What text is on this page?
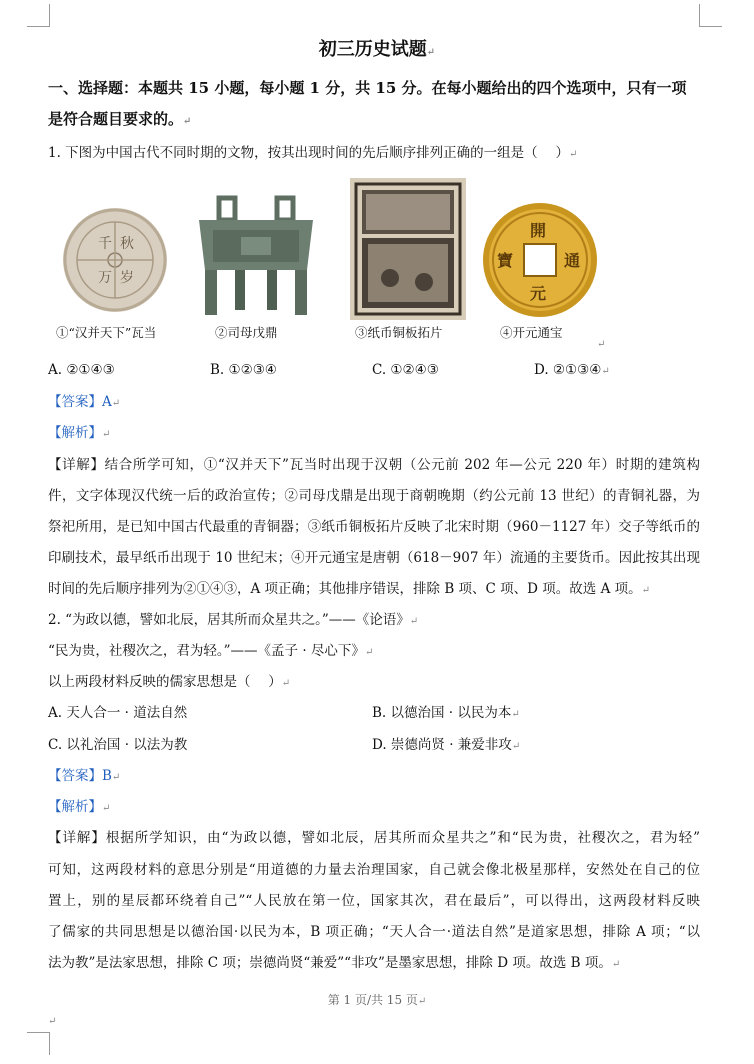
初三历史试题↵
一、选择题：本题共 15 小题，每小题 1 分，共 15 分。在每小题给出的四个选项中，只有一项
是符合题目要求的。↵
1. 下图为中国古代不同时期的文物，按其出现时间的先后顺序排列正确的一组是（　 ）↵
千 秋
万 岁
開
通
元
寶
①“汉并天下”瓦当	②司母戊鼎	③纸币铜板拓片	④开元通宝
↵
A. ②①④③	B. ①②③④	C. ①②④③	D. ②①③④↵
【答案】A↵
【解析】↵
【详解】结合所学可知，①“汉并天下”瓦当时出现于汉朝（公元前 202 年—公元 220 年）时期的建筑构
件，文字体现汉代统一后的政治宣传；②司母戊鼎是出现于商朝晚期（约公元前 13 世纪）的青铜礼器，为
祭祀所用，是已知中国古代最重的青铜器；③纸币铜板拓片反映了北宋时期（960－1127 年）交子等纸币的
印刷技术，最早纸币出现于 10 世纪末；④开元通宝是唐朝（618－907 年）流通的主要货币。因此按其出现
时间的先后顺序排列为②①④③，A 项正确；其他排序错误，排除 B 项、C 项、D 项。故选 A 项。↵
2. “为政以德，譬如北辰，居其所而众星共之。”——《论语》↵
“民为贵，社稷次之，君为轻。”——《孟子 · 尽心下》↵
以上两段材料反映的儒家思想是（　 ）↵
A. 天人合一 · 道法自然	B. 以德治国 · 以民为本↵
C. 以礼治国 · 以法为教	D. 崇德尚贤 · 兼爱非攻↵
【答案】B↵
【解析】↵
【详解】根据所学知识，由“为政以德，譬如北辰，居其所而众星共之”和“民为贵，社稷次之，君为轻”
可知，这两段材料的意思分别是“用道德的力量去治理国家，自己就会像北极星那样，安然处在自己的位
置上，别的星辰都环绕着自己”“人民放在第一位，国家其次，君在最后”，可以得出，这两段材料反映
了儒家的共同思想是以德治国·以民为本，B 项正确；“天人合一·道法自然”是道家思想，排除 A 项；“以
法为教”是法家思想，排除 C 项；崇德尚贤“兼爱”“非攻”是墨家思想，排除 D 项。故选 B 项。↵
第 1 页/共 15 页↵
↵
